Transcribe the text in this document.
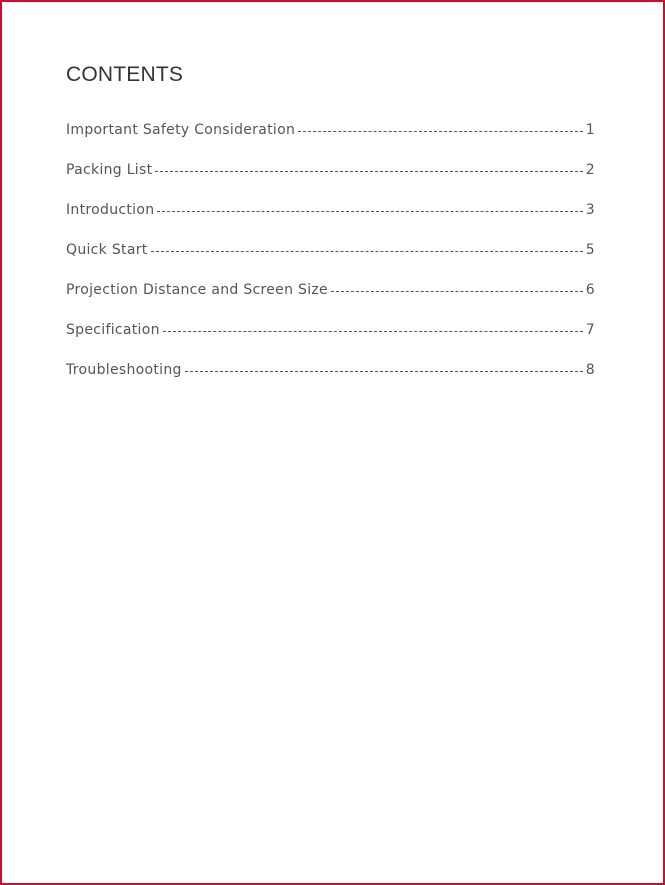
CONTENTS
Important Safety Consideration	1
Packing List	2
Introduction	3
Quick Start	5
Projection Distance and Screen Size	6
Specification	7
Troubleshooting	8
